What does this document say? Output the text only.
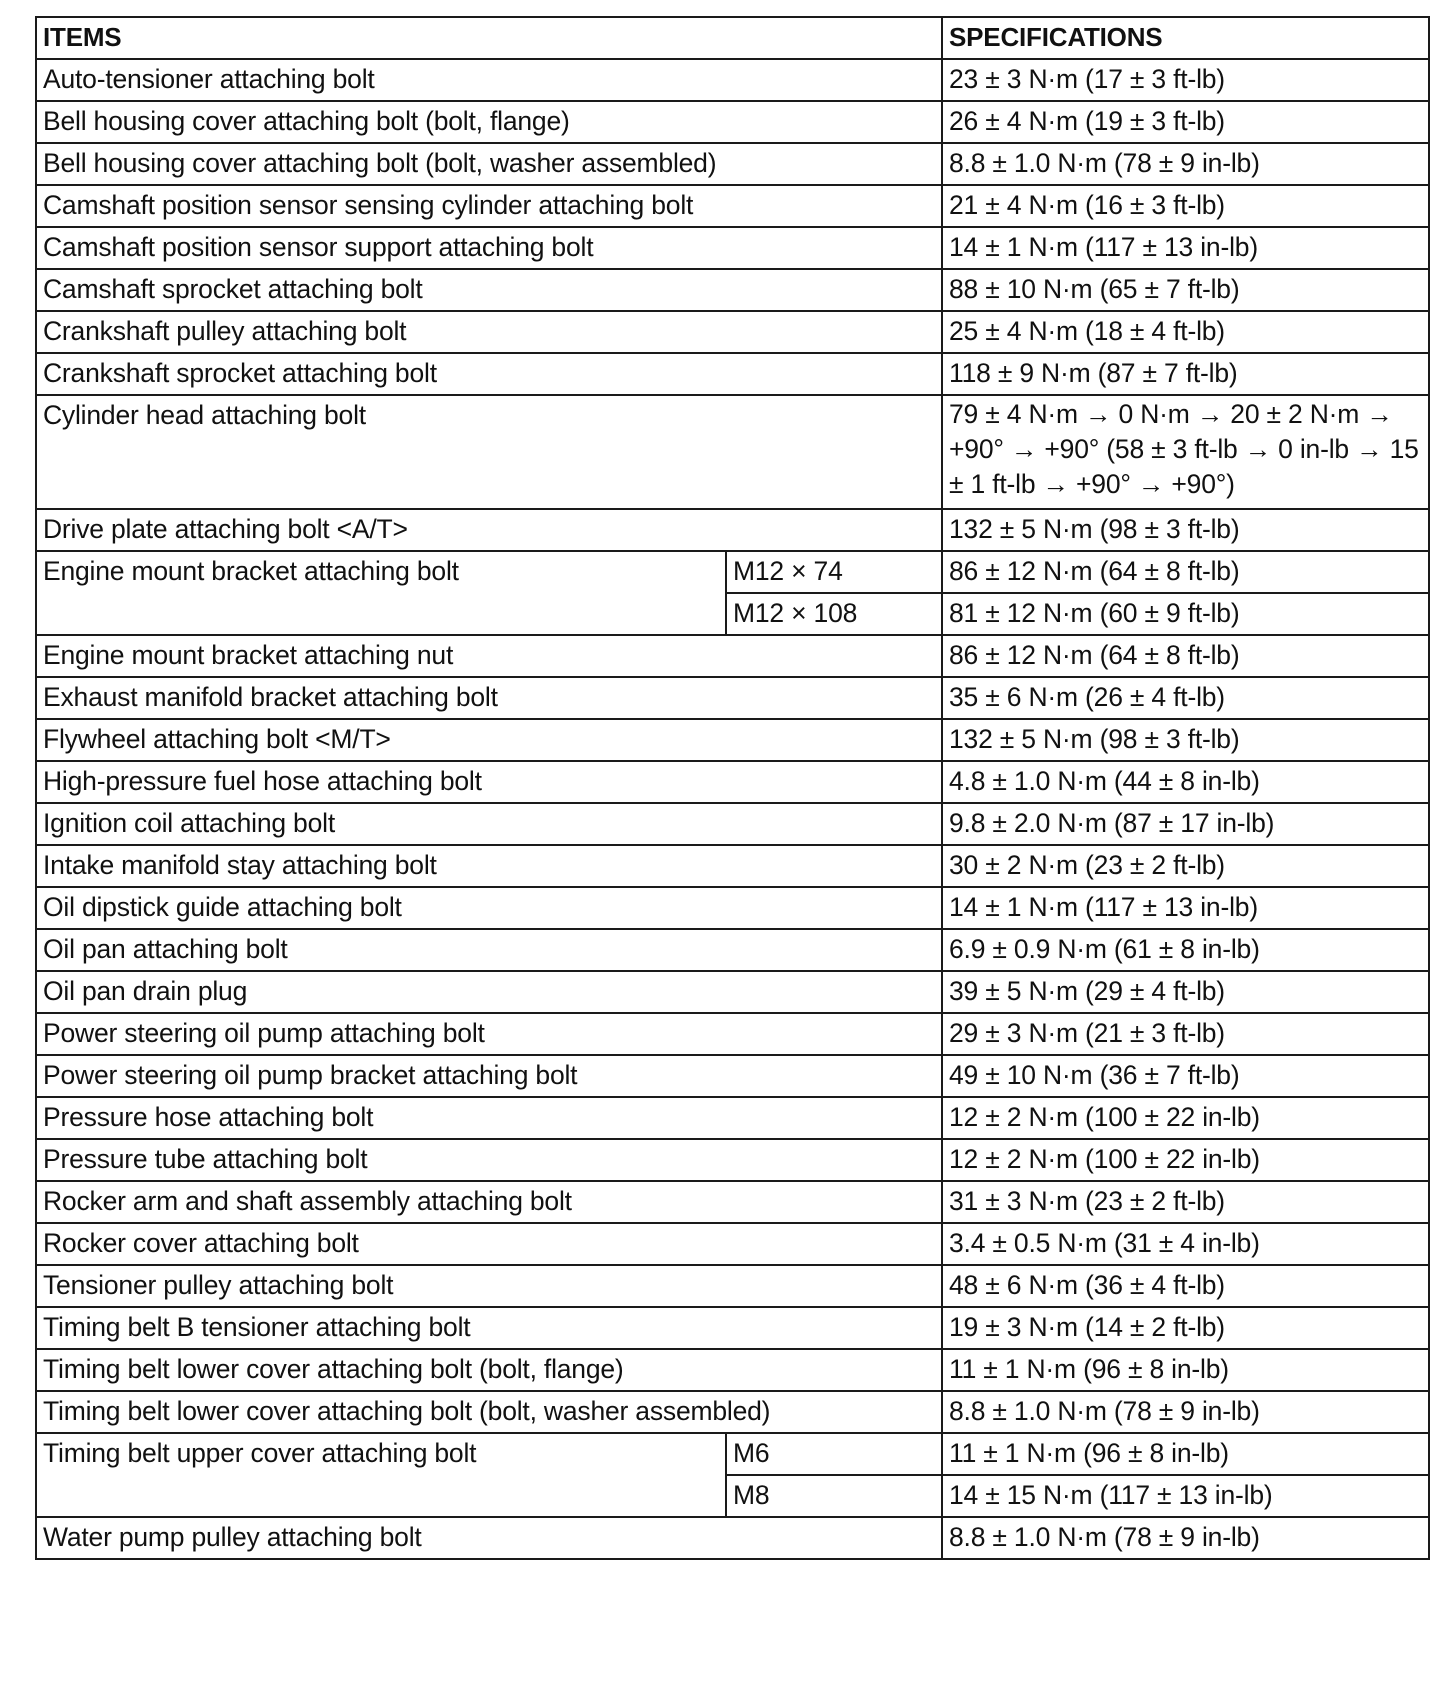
ITEMS		SPECIFICATIONS
Auto-tensioner attaching bolt		23 ± 3 N·m (17 ± 3 ft-lb)
Bell housing cover attaching bolt (bolt, flange)		26 ± 4 N·m (19 ± 3 ft-lb)
Bell housing cover attaching bolt (bolt, washer assembled)		8.8 ± 1.0 N·m (78 ± 9 in-lb)
Camshaft position sensor sensing cylinder attaching bolt		21 ± 4 N·m (16 ± 3 ft-lb)
Camshaft position sensor support attaching bolt		14 ± 1 N·m (117 ± 13 in-lb)
Camshaft sprocket attaching bolt		88 ± 10 N·m (65 ± 7 ft-lb)
Crankshaft pulley attaching bolt		25 ± 4 N·m (18 ± 4 ft-lb)
Crankshaft sprocket attaching bolt		118 ± 9 N·m (87 ± 7 ft-lb)
Cylinder head attaching bolt		79 ± 4 N·m → 0 N·m → 20 ± 2 N·m → +90° → +90° (58 ± 3 ft-lb → 0 in-lb → 15 ± 1 ft-lb → +90° → +90°)
Drive plate attaching bolt <A/T>		132 ± 5 N·m (98 ± 3 ft-lb)
Engine mount bracket attaching bolt	M12 × 74	86 ± 12 N·m (64 ± 8 ft-lb)
	M12 × 108	81 ± 12 N·m (60 ± 9 ft-lb)
Engine mount bracket attaching nut		86 ± 12 N·m (64 ± 8 ft-lb)
Exhaust manifold bracket attaching bolt		35 ± 6 N·m (26 ± 4 ft-lb)
Flywheel attaching bolt <M/T>		132 ± 5 N·m (98 ± 3 ft-lb)
High-pressure fuel hose attaching bolt		4.8 ± 1.0 N·m (44 ± 8 in-lb)
Ignition coil attaching bolt		9.8 ± 2.0 N·m (87 ± 17 in-lb)
Intake manifold stay attaching bolt		30 ± 2 N·m (23 ± 2 ft-lb)
Oil dipstick guide attaching bolt		14 ± 1 N·m (117 ± 13 in-lb)
Oil pan attaching bolt		6.9 ± 0.9 N·m (61 ± 8 in-lb)
Oil pan drain plug		39 ± 5 N·m (29 ± 4 ft-lb)
Power steering oil pump attaching bolt		29 ± 3 N·m (21 ± 3 ft-lb)
Power steering oil pump bracket attaching bolt		49 ± 10 N·m (36 ± 7 ft-lb)
Pressure hose attaching bolt		12 ± 2 N·m (100 ± 22 in-lb)
Pressure tube attaching bolt		12 ± 2 N·m (100 ± 22 in-lb)
Rocker arm and shaft assembly attaching bolt		31 ± 3 N·m (23 ± 2 ft-lb)
Rocker cover attaching bolt		3.4 ± 0.5 N·m (31 ± 4 in-lb)
Tensioner pulley attaching bolt		48 ± 6 N·m (36 ± 4 ft-lb)
Timing belt B tensioner attaching bolt		19 ± 3 N·m (14 ± 2 ft-lb)
Timing belt lower cover attaching bolt (bolt, flange)		11 ± 1 N·m (96 ± 8 in-lb)
Timing belt lower cover attaching bolt (bolt, washer assembled)		8.8 ± 1.0 N·m (78 ± 9 in-lb)
Timing belt upper cover attaching bolt	M6	11 ± 1 N·m (96 ± 8 in-lb)
	M8	14 ± 15 N·m (117 ± 13 in-lb)
Water pump pulley attaching bolt		8.8 ± 1.0 N·m (78 ± 9 in-lb)
